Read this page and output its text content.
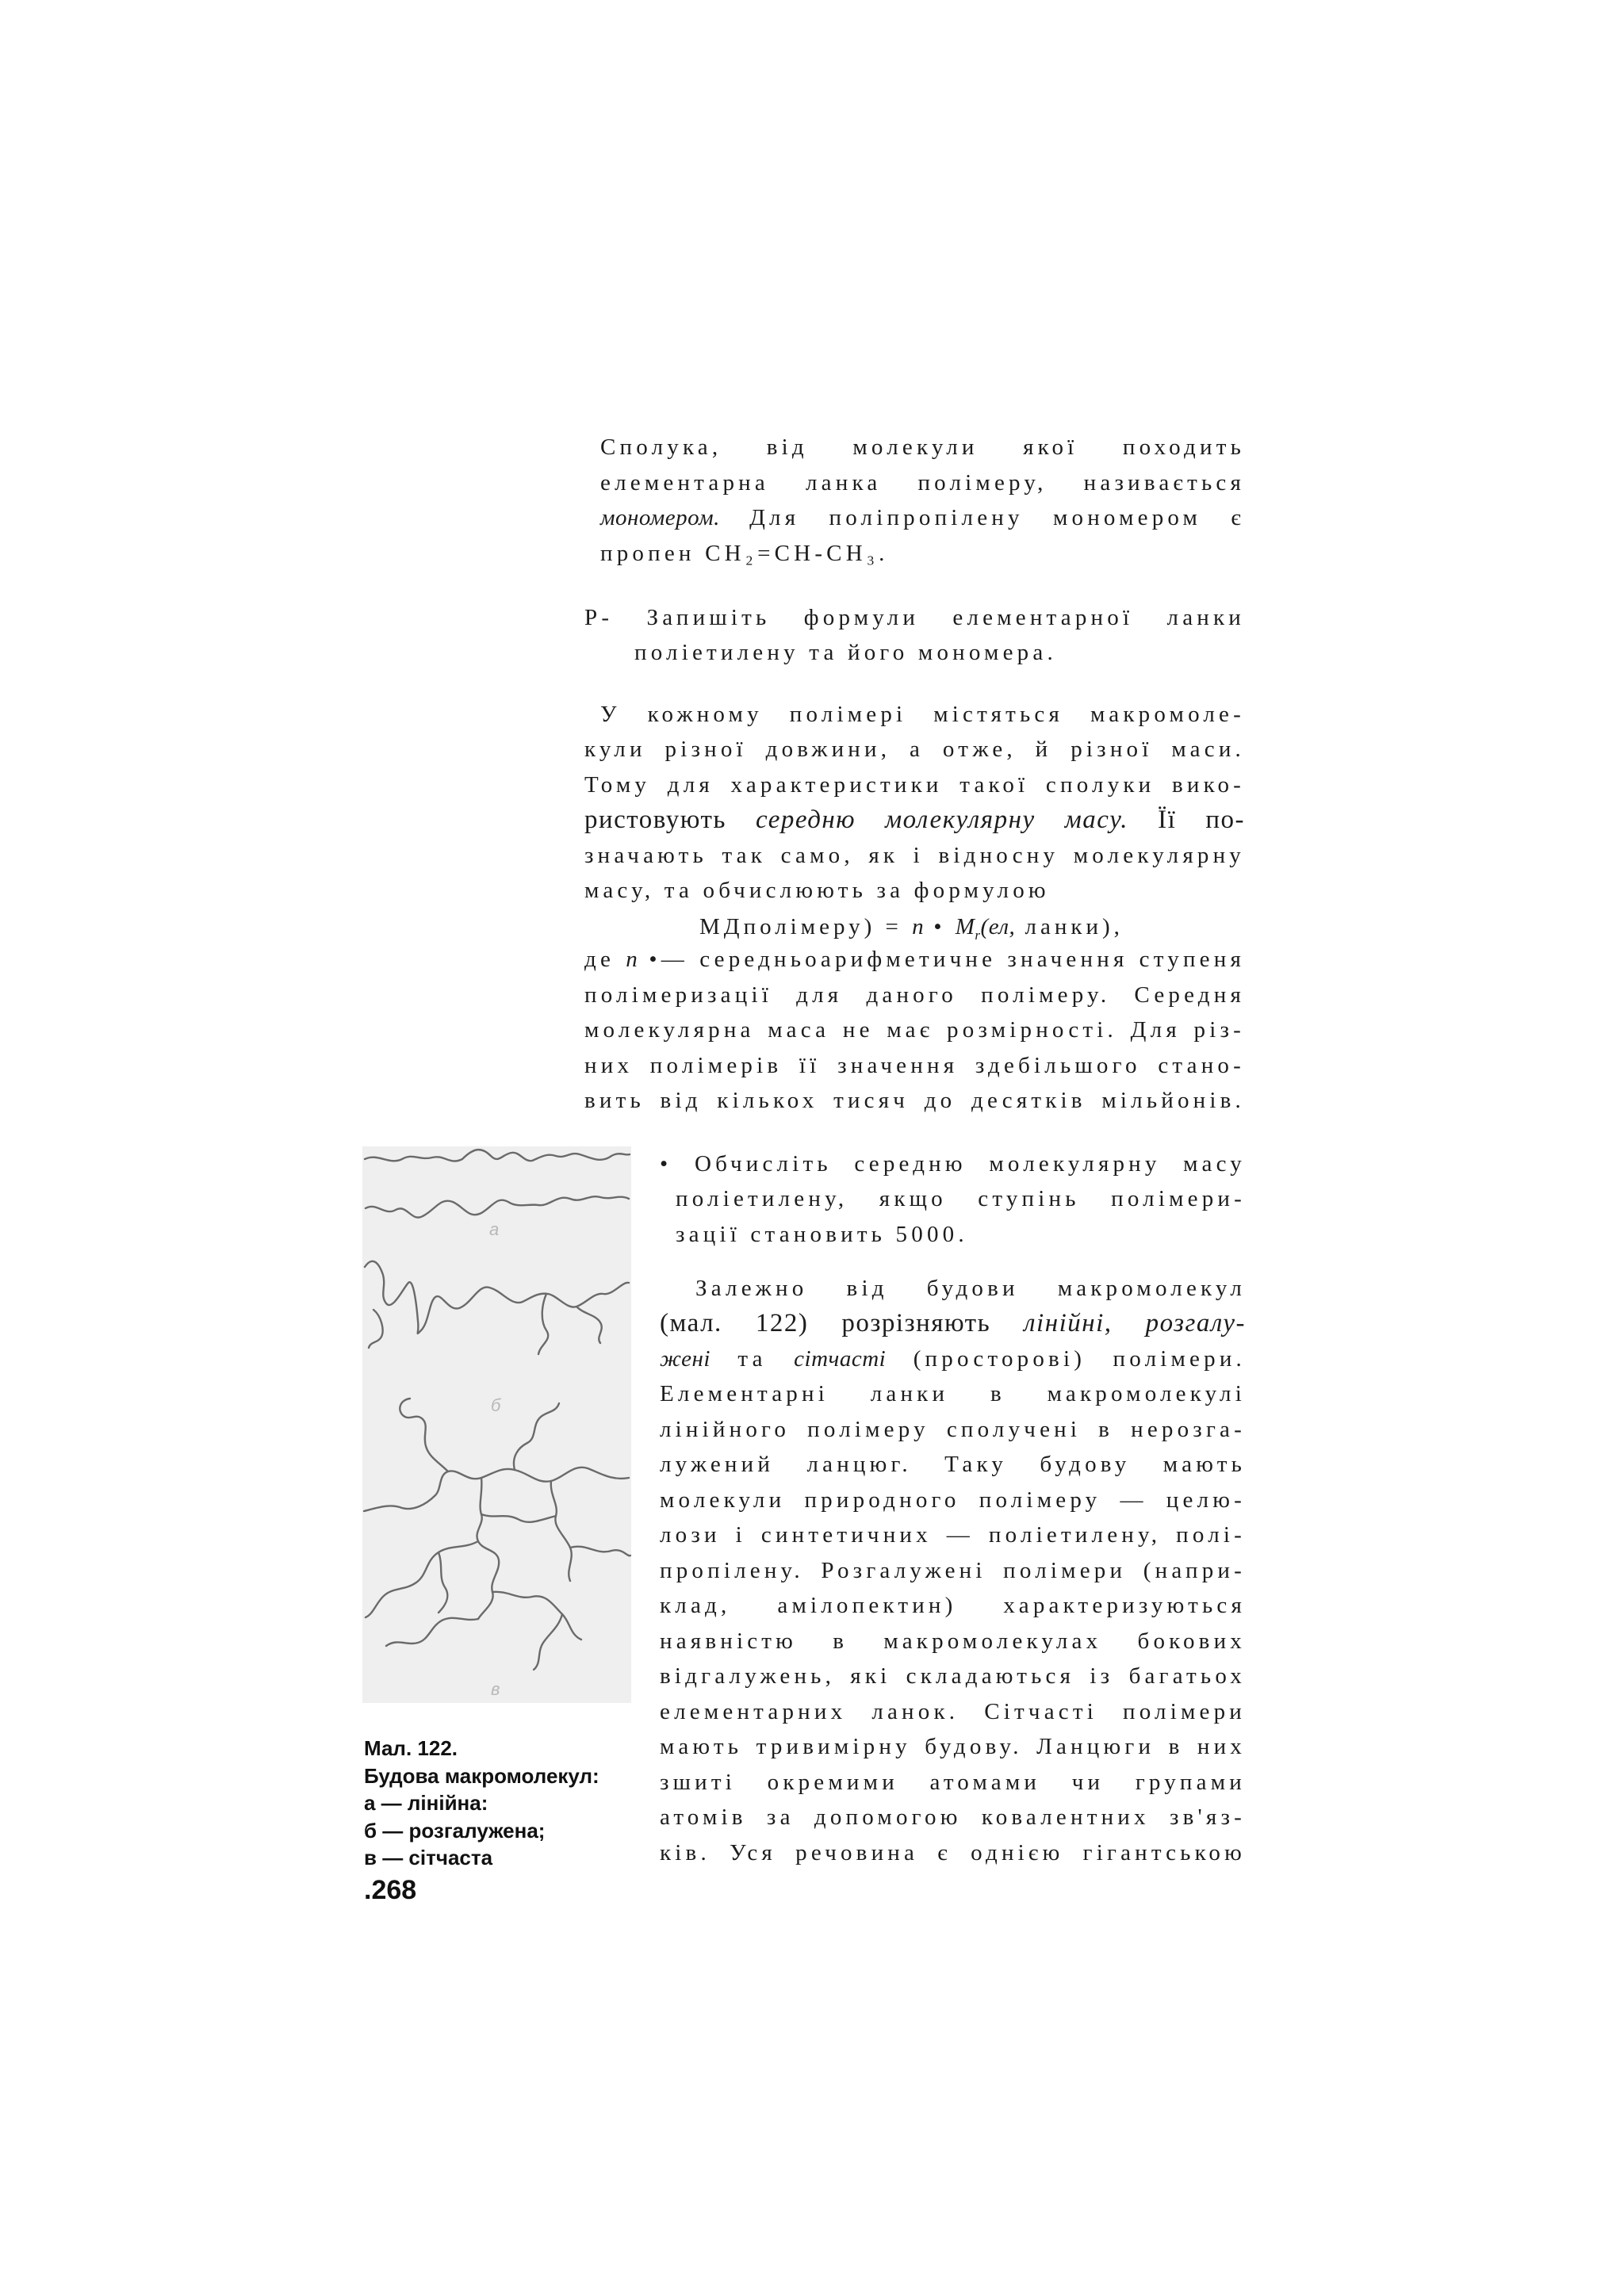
Сполука, від молекули якої походить
елементарна ланка полімеру, називається
мономером. Для поліпропілену мономером є
пропен CH₂=CH-CH₃.
Р- Запишіть формули елементарної ланки
поліетилену та його мономера.
У кожному полімері містяться макромоле-
кули різної довжини, а отже, й різної маси.
Тому для характеристики такої сполуки вико-
ристовують середню молекулярну масу. Її по-
значають так само, як і відносну молекулярну
масу, та обчислюють за формулою
МДполімеру) = n • $M_r(ел$, ланки),
де n •— середньоарифметичне значення ступеня
полімеризації для даного полімеру. Середня
молекулярна маса не має розмірності. Для різ-
них полімерів її значення здебільшого стано-
вить від кількох тисяч до десятків мільйонів.
• Обчисліть середню молекулярну масу
поліетилену, якщо ступінь полімери-
зації становить 5000.
Залежно від будови макромолекул
(мал. 122) розрізняють лінійні, розгалу-
жені та сітчасті (просторові) полімери.
Елементарні ланки в макромолекулі
лінійного полімеру сполучені в нерозга-
лужений ланцюг. Таку будову мають
молекули природного полімеру — целю-
лози і синтетичних — поліетилену, полі-
пропілену. Розгалужені полімери (напри-
клад, амілопектин) характеризуються
наявністю в макромолекулах бокових
відгалужень, які складаються із багатьох
елементарних ланок. Сітчасті полімери
мають тривимірну будову. Ланцюги в них
зшиті окремими атомами чи групами
атомів за допомогою ковалентних зв'яз-
ків. Уся речовина є однією гігантською
а
б
в
Мал. 122.
Будова макромолекул:
а — лінійна:
б — розгалужена;
в — сітчаста
.268
